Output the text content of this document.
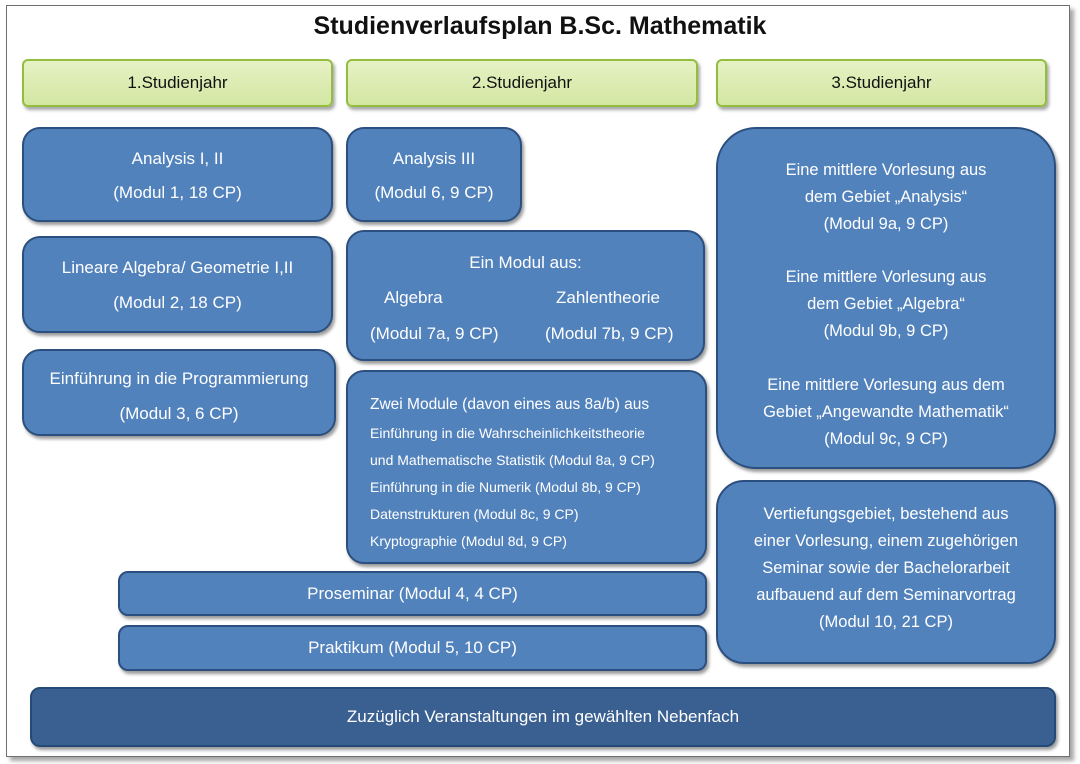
Studienverlaufsplan B.Sc. Mathematik
1.Studienjahr	2.Studienjahr	3.Studienjahr
Analysis I, II
(Modul 1, 18 CP)
Lineare Algebra/ Geometrie I,II
(Modul 2, 18 CP)
Einführung in die Programmierung
(Modul 3, 6 CP)
Analysis III
(Modul 6, 9 CP)
Ein Modul aus:
Algebra	Zahlentheorie
(Modul 7a, 9 CP)	(Modul 7b, 9 CP)
Zwei Module (davon eines aus 8a/b) aus
Einführung in die Wahrscheinlichkeitstheorie
und Mathematische Statistik (Modul 8a, 9 CP)
Einführung in die Numerik (Modul 8b, 9 CP)
Datenstrukturen (Modul 8c, 9 CP)
Kryptographie (Modul 8d, 9 CP)
Proseminar (Modul 4, 4 CP)
Praktikum (Modul 5, 10 CP)
Eine mittlere Vorlesung aus
dem Gebiet „Analysis“
(Modul 9a, 9 CP)
Eine mittlere Vorlesung aus
dem Gebiet „Algebra“
(Modul 9b, 9 CP)
Eine mittlere Vorlesung aus dem
Gebiet „Angewandte Mathematik“
(Modul 9c, 9 CP)
Vertiefungsgebiet, bestehend aus
einer Vorlesung, einem zugehörigen
Seminar sowie der Bachelorarbeit
aufbauend auf dem Seminarvortrag
(Modul 10, 21 CP)
Zuzüglich Veranstaltungen im gewählten Nebenfach
